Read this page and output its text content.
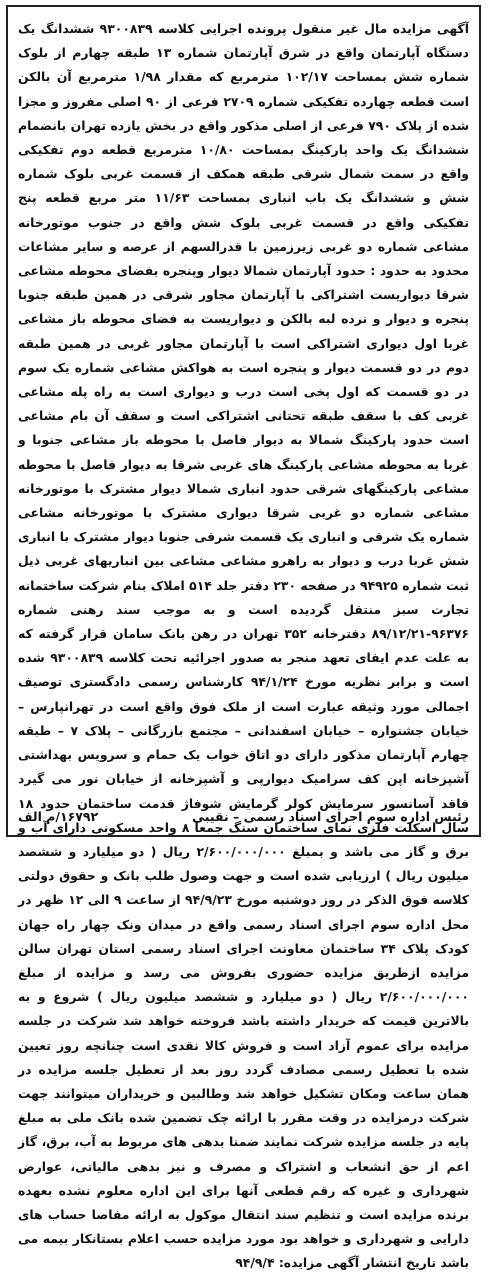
آگهی مزایده مال غیر منقول پرونده اجرایی کلاسه ۹۳۰۰۸۳۹ ششدانگ یک دستگاه آپارتمان واقع در شرق آپارتمان شماره ۱۳ طبقه چهارم از بلوک شماره شش بمساحت ۱۰۲/۱۷ مترمربع که مقدار ۱/۹۸ مترمربع آن بالکن است قطعه چهارده تفکیکی شماره ۲۷۰۹ فرعی از ۹۰ اصلی مفروز و مجزا شده از پلاک ۷۹۰ فرعی از اصلی مذکور واقع در بخش یازده تهران بانضمام ششدانگ یک واحد پارکینگ بمساحت ۱۰/۸۰ مترمربع قطعه دوم تفکیکی واقع در سمت شمال شرقی طبقه همکف از قسمت غربی بلوک شماره شش و ششدانگ یک باب انباری بمساحت ۱۱/۶۳ متر مربع قطعه پنج تفکیکی واقع در قسمت غربی بلوک شش واقع در جنوب موتورخانه مشاعی شماره دو غربی زیرزمین با قدرالسهم از عرصه و سایر مشاعات محدود به حدود : حدود آپارتمان شمالا دیوار وپنجره بفضای محوطه مشاعی شرقا دیواریست اشتراکی با آپارتمان مجاور شرقی در همین طبقه جنوبا پنجره و دیوار و نرده لبه بالکن و دیواریست به فضای محوطه باز مشاعی غربا اول دیواری اشتراکی است با آپارتمان مجاور غربی در همین طبقه دوم در دو قسمت دیوار و پنجره است به هواکش مشاعی شماره یک سوم در دو قسمت که اول پخی است درب و دیواری است به راه پله مشاعی غربی کف با سقف طبقه تحتانی اشتراکی است و سقف آن بام مشاعی است حدود پارکینگ شمالا به دیوار فاصل با محوطه باز مشاعی جنوبا و غربا به محوطه مشاعی پارکینگ های غربی شرقا به دیوار فاصل با محوطه مشاعی پارکینگهای شرقی حدود انباری شمالا دیوار مشترک با موتورخانه مشاعی شماره دو غربی شرقا دیواری مشترک با موتورخانه مشاعی شماره یک شرقی و انباری یک قسمت شرقی جنوبا دیوار مشترک با انباری شش غربا درب و دیوار به راهرو مشاعی مشاعی بین انباریهای غربی ذیل ثبت شماره ۹۴۹۲۵ در صفحه ۲۳۰ دفتر جلد ۵۱۴ املاک بنام شرکت ساختمانه تجارت سبز منتقل گردیده است و به موجب سند رهنی شماره ۹۶۳۷۶-۸۹/۱۲/۲۱ دفترخانه ۳۵۲ تهران در رهن بانک سامان قرار گرفته که به علت عدم ایفای تعهد منجر به صدور اجرائیه تحت کلاسه ۹۳۰۰۸۳۹ شده است و برابر نظریه مورخ ۹۴/۱/۲۴ کارشناس رسمی دادگستری توصیف اجمالی مورد وثیقه عبارت است از ملک فوق واقع است در تهرانپارس – خیابان جشنواره – خیابان اسفندانی – مجتمع بازرگانی – پلاک ۷ – طبقه چهارم آپارتمان مذکور دارای دو اتاق خواب یک حمام و سرویس بهداشتی آشپزخانه اپن کف سرامیک دیوارپی و آشپزخانه از خیابان نور می گیرد فاقد آسانسور سرمایش کولر گرمایش شوفاژ قدمت ساختمان حدود ۱۸ سال اسکلت فلزی نمای ساختمان سنگ جمعا ۸ واحد مسکونی دارای آب و برق و گاز می باشد و بمبلغ ۲/۶۰۰/۰۰۰/۰۰۰ ریال ( دو میلیارد و ششصد میلیون ریال ) ارزیابی شده است و جهت وصول طلب بانک و حقوق دولتی کلاسه فوق الذکر در روز دوشنبه مورخ ۹۴/۹/۲۳ از ساعت ۹ الی ۱۲ ظهر در محل اداره سوم اجرای اسناد رسمی واقع در میدان ونک چهار راه جهان کودک پلاک ۳۴ ساختمان معاونت اجرای اسناد رسمی استان تهران سالن مزایده ازطریق مزایده حضوری بفروش می رسد و مزایده از مبلغ ۲/۶۰۰/۰۰۰/۰۰۰ ریال ( دو میلیارد و ششصد میلیون ریال ) شروع و به بالاترین قیمت که خریدار داشته باشد فروخته خواهد شد شرکت در جلسه مزایده برای عموم آزاد است و فروش کالا نقدی است چنانچه روز تعیین شده با تعطیل رسمی مصادف گردد روز بعد از تعطیل جلسه مزایده در همان ساعت ومکان تشکیل خواهد شد وطالبین و خریداران میتوانند جهت شرکت درمزایده در وقت مقرر با ارائه چک تضمین شده بانک ملی به مبلغ پایه در جلسه مزایده شرکت نمایند ضمنا بدهی های مربوط به آب، برق، گاز اعم از حق انشعاب و اشتراک و مصرف و نیز بدهی مالیاتی، عوارض شهرداری و غیره که رقم قطعی آنها برای این اداره معلوم نشده بعهده برنده مزایده است و تنظیم سند انتقال موکول به ارائه مفاصا حساب های دارایی و شهرداری و خواهد بود مورد مزایده حسب اعلام بستانکار بیمه می باشد تاریخ انتشار آگهی مزایده: ۹۴/۹/۴
۱۶۷۹۲/م الف	رئیس اداره سوم اجرای اسناد رسمی – نقیبی
